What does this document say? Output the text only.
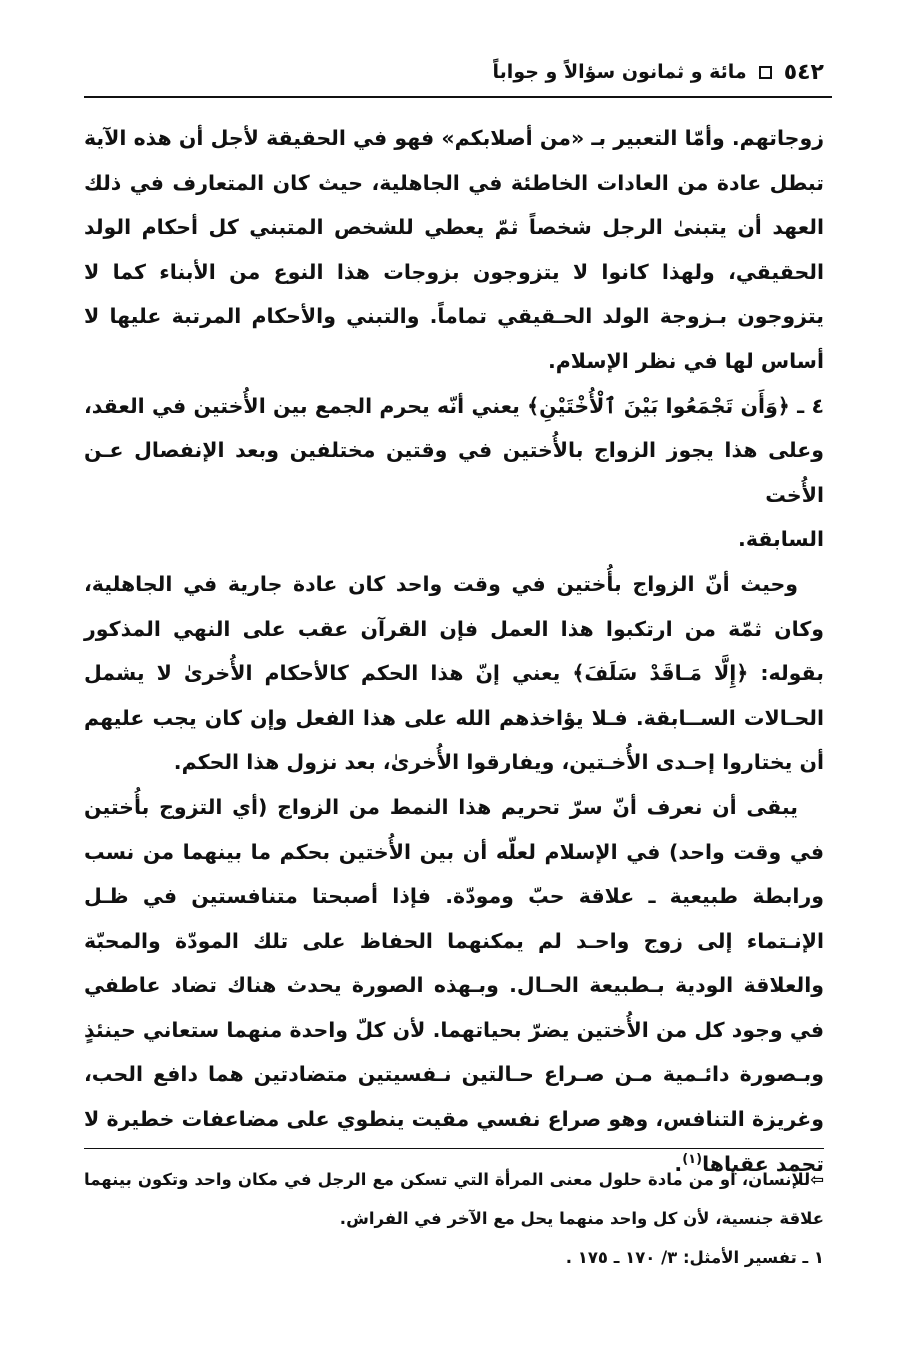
٥٤٢
مائة و ثمانون سؤالاً و جواباً

زوجاتهم. وأمّا التعبير بـ «من أصلابكم» فهو في الحقيقة لأجل أن هذه الآية تبطل عادة من العادات الخاطئة في الجاهلية، حيث كان المتعارف في ذلك العهد أن يتبنىٰ الرجل شخصاً ثمّ يعطي للشخص المتبني كل أحكام الولد الحقيقي، ولهذا كانوا لا يتزوجون بزوجات هذا النوع من الأبناء كما لا يتزوجون بـزوجة الولد الحـقيقي تماماً. والتبني والأحكام المرتبة عليها لا أساس لها في نظر الإسلام.

٤ ـ ﴿وَأَن تَجْمَعُوا بَيْنَ ٱلْأُخْتَيْنِ﴾ يعني أنّه يحرم الجمع بين الأُختين في العقد، وعلى هذا يجوز الزواج بالأُختين في وقتين مختلفين وبعد الإنفصال عـن الأُخت

السابقة.

وحيث أنّ الزواج بأُختين في وقت واحد كان عادة جارية في الجاهلية، وكان ثمّة من ارتكبوا هذا العمل فإن القرآن عقب على النهي المذكور بقوله: ﴿إِلَّا مَـاقَدْ سَلَفَ﴾ يعني إنّ هذا الحكم كالأحكام الأُخرىٰ لا يشمل الحـالات الســابقة. فـلا يؤاخذهم الله على هذا الفعل وإن كان يجب عليهم أن يختاروا إحـدى الأُخـتين، ويفارقوا الأُخرىٰ، بعد نزول هذا الحكم.

يبقى أن نعرف أنّ سرّ تحريم هذا النمط من الزواج (أي التزوج بأُختين في وقت واحد) في الإسلام لعلّه أن بين الأُختين بحكم ما بينهما من نسب ورابطة طبيعية ـ علاقة حبّ ومودّة. فإذا أصبحتا متنافستين في ظـل الإنـتماء إلى زوج واحـد لم يمكنهما الحفاظ على تلك المودّة والمحبّة والعلاقة الودية بـطبيعة الحـال. وبـهذه الصورة يحدث هناك تضاد عاطفي في وجود كل من الأُختين يضرّ بحياتهما. لأن كلّ واحدة منهما ستعاني حينئذٍ وبـصورة دائـمية مـن صـراع حـالتين نـفسيتين متضادتين هما دافع الحب، وغريزة التنافس، وهو صراع نفسي مقيت ينطوي على مضاعفات خطيرة لا تحمد عقباها$^{(١)}$.

⇦للإنسان، أو من مادة حلول معنى المرأة التي تسكن مع الرجل في مكان واحد وتكون بينهما علاقة جنسية، لأن كل واحد منهما يحل مع الآخر في الفراش.

١ ـ تفسير الأمثل: ٣/ ١٧٠ ـ ١٧٥ .
